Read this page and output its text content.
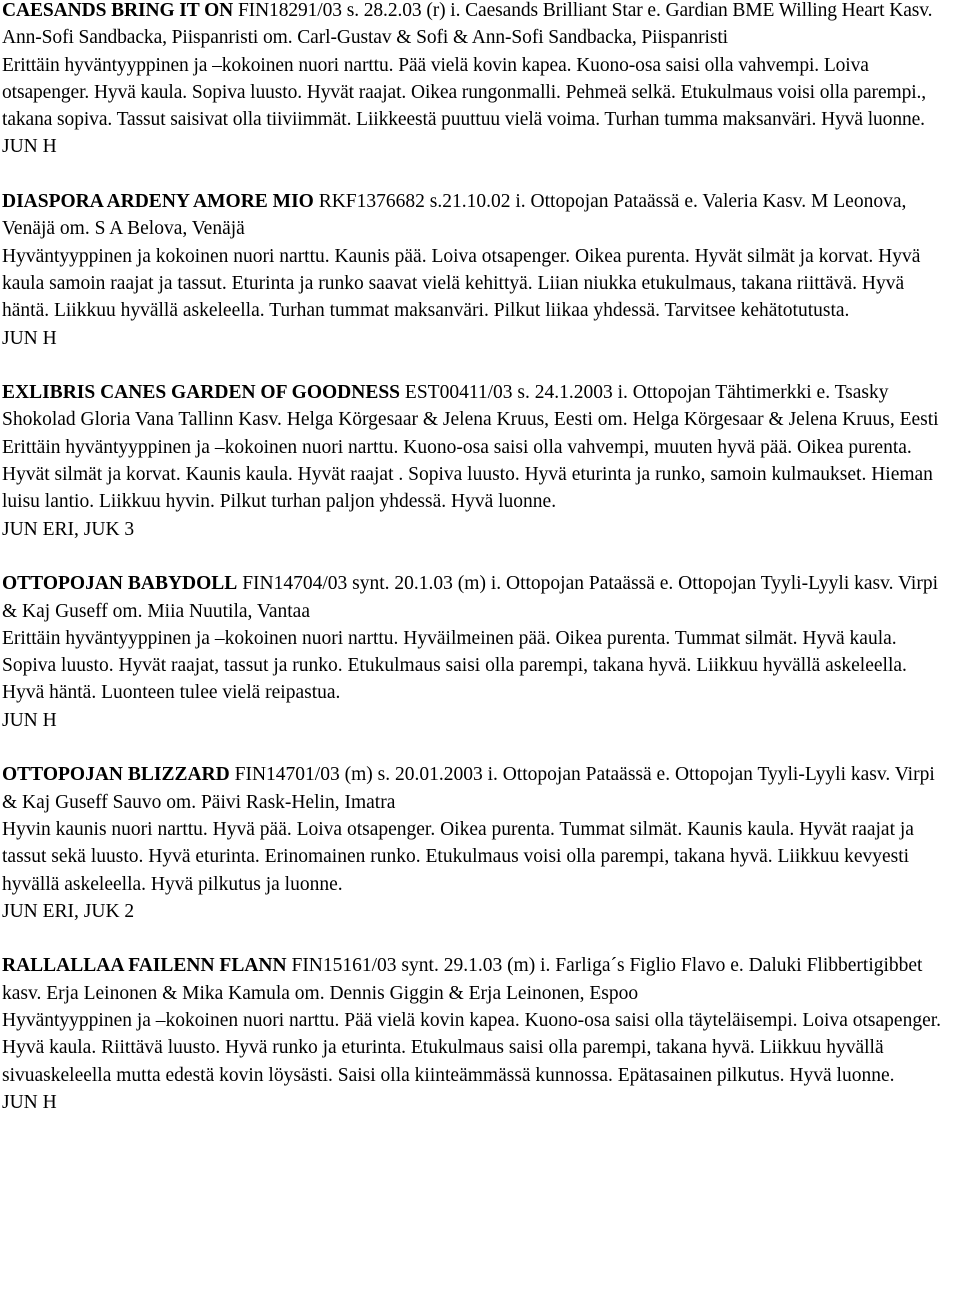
CAESANDS BRING IT ON FIN18291/03 s. 28.2.03 (r) i. Caesands Brilliant Star e. Gardian BME Willing Heart Kasv. Ann-Sofi Sandbacka, Piispanristi om. Carl-Gustav & Sofi & Ann-Sofi Sandbacka, Piispanristi

Erittäin hyväntyyppinen ja –kokoinen nuori narttu. Pää vielä kovin kapea. Kuono-osa saisi olla vahvempi. Loiva otsapenger. Hyvä kaula. Sopiva luusto. Hyvät raajat. Oikea rungonmalli. Pehmeä selkä. Etukulmaus voisi olla parempi., takana sopiva. Tassut saisivat olla tiiviimmät. Liikkeestä puuttuu vielä voima. Turhan tumma maksanväri. Hyvä luonne.

JUN H

DIASPORA ARDENY AMORE MIO RKF1376682 s.21.10.02 i. Ottopojan Pataässä e. Valeria Kasv. M Leonova, Venäjä om. S A Belova, Venäjä

Hyväntyyppinen ja kokoinen nuori narttu. Kaunis pää. Loiva otsapenger. Oikea purenta. Hyvät silmät ja korvat. Hyvä kaula samoin raajat ja tassut. Eturinta ja runko saavat vielä kehittyä. Liian niukka etukulmaus, takana riittävä. Hyvä häntä. Liikkuu hyvällä askeleella. Turhan tummat maksanväri. Pilkut liikaa yhdessä. Tarvitsee kehätotutusta.

JUN H

EXLIBRIS CANES GARDEN OF GOODNESS EST00411/03 s. 24.1.2003 i. Ottopojan Tähtimerkki e. Tsasky Shokolad Gloria Vana Tallinn Kasv. Helga Körgesaar & Jelena Kruus, Eesti om. Helga Körgesaar & Jelena Kruus, Eesti

Erittäin hyväntyyppinen ja –kokoinen nuori narttu. Kuono-osa saisi olla vahvempi, muuten hyvä pää. Oikea purenta. Hyvät silmät ja korvat. Kaunis kaula. Hyvät raajat . Sopiva luusto. Hyvä eturinta ja runko, samoin kulmaukset. Hieman luisu lantio. Liikkuu hyvin. Pilkut turhan paljon yhdessä. Hyvä luonne.

JUN ERI, JUK 3

OTTOPOJAN BABYDOLL FIN14704/03 synt. 20.1.03 (m) i. Ottopojan Pataässä e. Ottopojan Tyyli-Lyyli kasv. Virpi & Kaj Guseff om. Miia Nuutila, Vantaa

Erittäin hyväntyyppinen ja –kokoinen nuori narttu. Hyväilmeinen pää. Oikea purenta. Tummat silmät. Hyvä kaula. Sopiva luusto. Hyvät raajat, tassut ja runko. Etukulmaus saisi olla parempi, takana hyvä. Liikkuu hyvällä askeleella. Hyvä häntä. Luonteen tulee vielä reipastua.

JUN H

OTTOPOJAN BLIZZARD FIN14701/03 (m) s. 20.01.2003 i. Ottopojan Pataässä e. Ottopojan Tyyli-Lyyli kasv. Virpi & Kaj Guseff Sauvo om. Päivi Rask-Helin, Imatra

Hyvin kaunis nuori narttu. Hyvä pää. Loiva otsapenger. Oikea purenta. Tummat silmät. Kaunis kaula. Hyvät raajat ja tassut sekä luusto. Hyvä eturinta. Erinomainen runko. Etukulmaus voisi olla parempi, takana hyvä. Liikkuu kevyesti hyvällä askeleella. Hyvä pilkutus ja luonne.

JUN ERI, JUK 2

RALLALLAA FAILENN FLANN FIN15161/03 synt. 29.1.03 (m) i. Farliga´s Figlio Flavo e. Daluki Flibbertigibbet kasv. Erja Leinonen & Mika Kamula om. Dennis Giggin & Erja Leinonen, Espoo

Hyväntyyppinen ja –kokoinen nuori narttu. Pää vielä kovin kapea. Kuono-osa saisi olla täyteläisempi. Loiva otsapenger. Hyvä kaula. Riittävä luusto. Hyvä runko ja eturinta. Etukulmaus saisi olla parempi, takana hyvä. Liikkuu hyvällä sivuaskeleella mutta edestä kovin löysästi. Saisi olla kiinteämmässä kunnossa. Epätasainen pilkutus. Hyvä luonne.

JUN H
